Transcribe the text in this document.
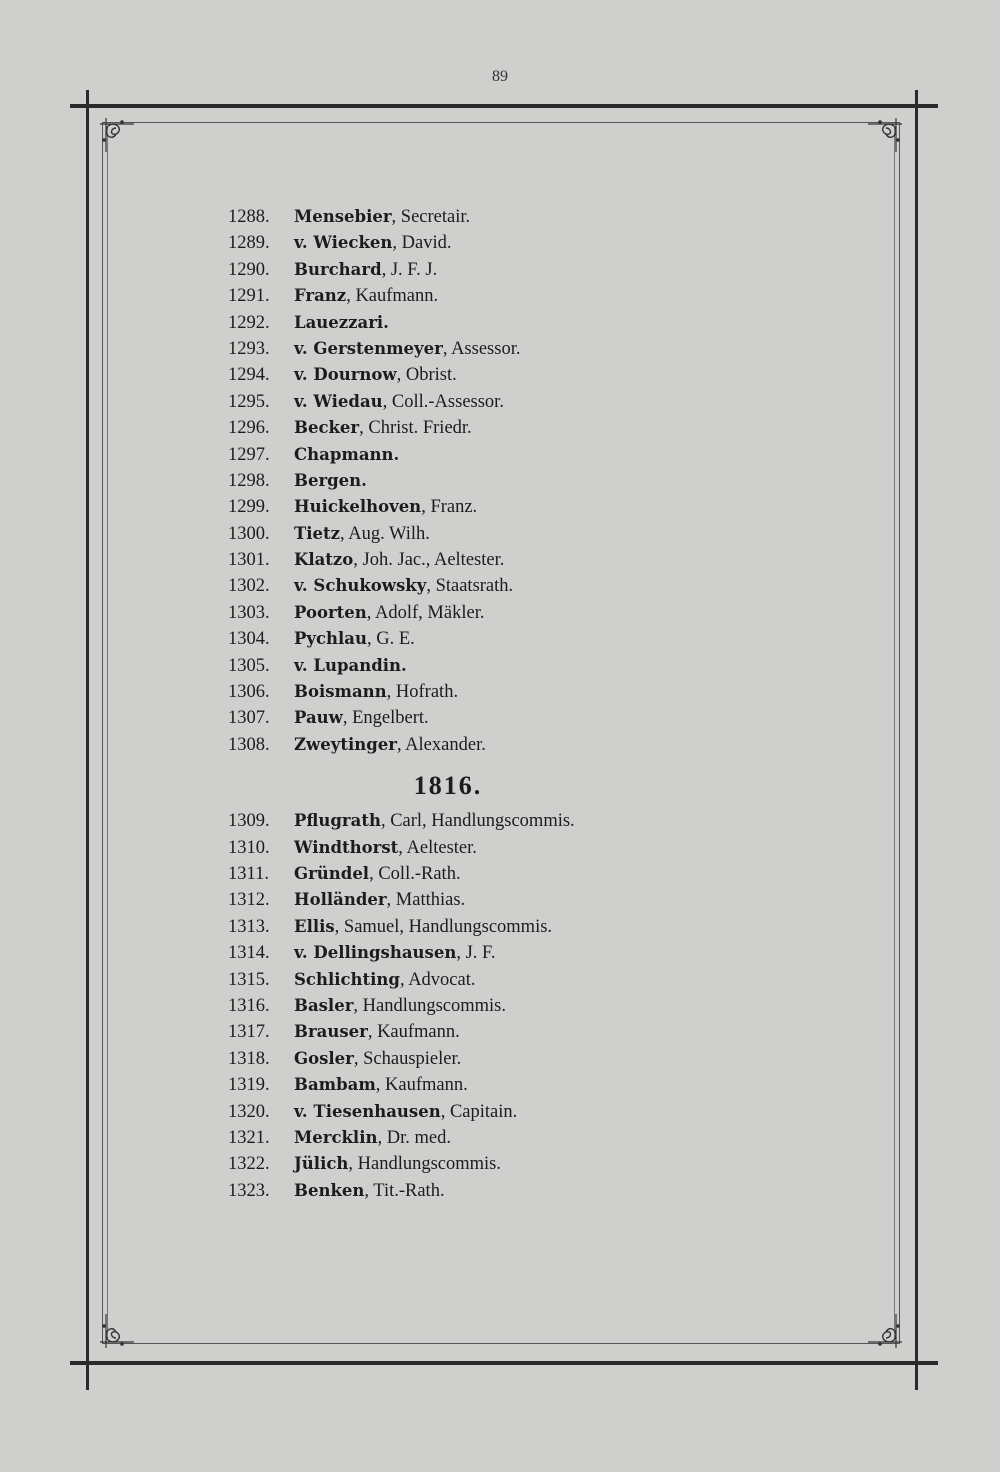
89
1288. Mensebier, Secretair.
1289. v. Wiecken, David.
1290. Burchard, J. F. J.
1291. Franz, Kaufmann.
1292. Lauezzari.
1293. v. Gerstenmeyer, Assessor.
1294. v. Dournow, Obrist.
1295. v. Wiedau, Coll.-Assessor.
1296. Becker, Christ. Friedr.
1297. Chapmann.
1298. Bergen.
1299. Huickelhoven, Franz.
1300. Tietz, Aug. Wilh.
1301. Klatzo, Joh. Jac., Aeltester.
1302. v. Schukowsky, Staatsrath.
1303. Poorten, Adolf, Mäkler.
1304. Pychlau, G. E.
1305. v. Lupandin.
1306. Boismann, Hofrath.
1307. Pauw, Engelbert.
1308. Zweytinger, Alexander.
1816.
1309. Pflugrath, Carl, Handlungscommis.
1310. Windthorst, Aeltester.
1311. Gründel, Coll.-Rath.
1312. Holländer, Matthias.
1313. Ellis, Samuel, Handlungscommis.
1314. v. Dellingshausen, J. F.
1315. Schlichting, Advocat.
1316. Basler, Handlungscommis.
1317. Brauser, Kaufmann.
1318. Gosler, Schauspieler.
1319. Bambam, Kaufmann.
1320. v. Tiesenhausen, Capitain.
1321. Mercklin, Dr. med.
1322. Jülich, Handlungscommis.
1323. Benken, Tit.-Rath.
